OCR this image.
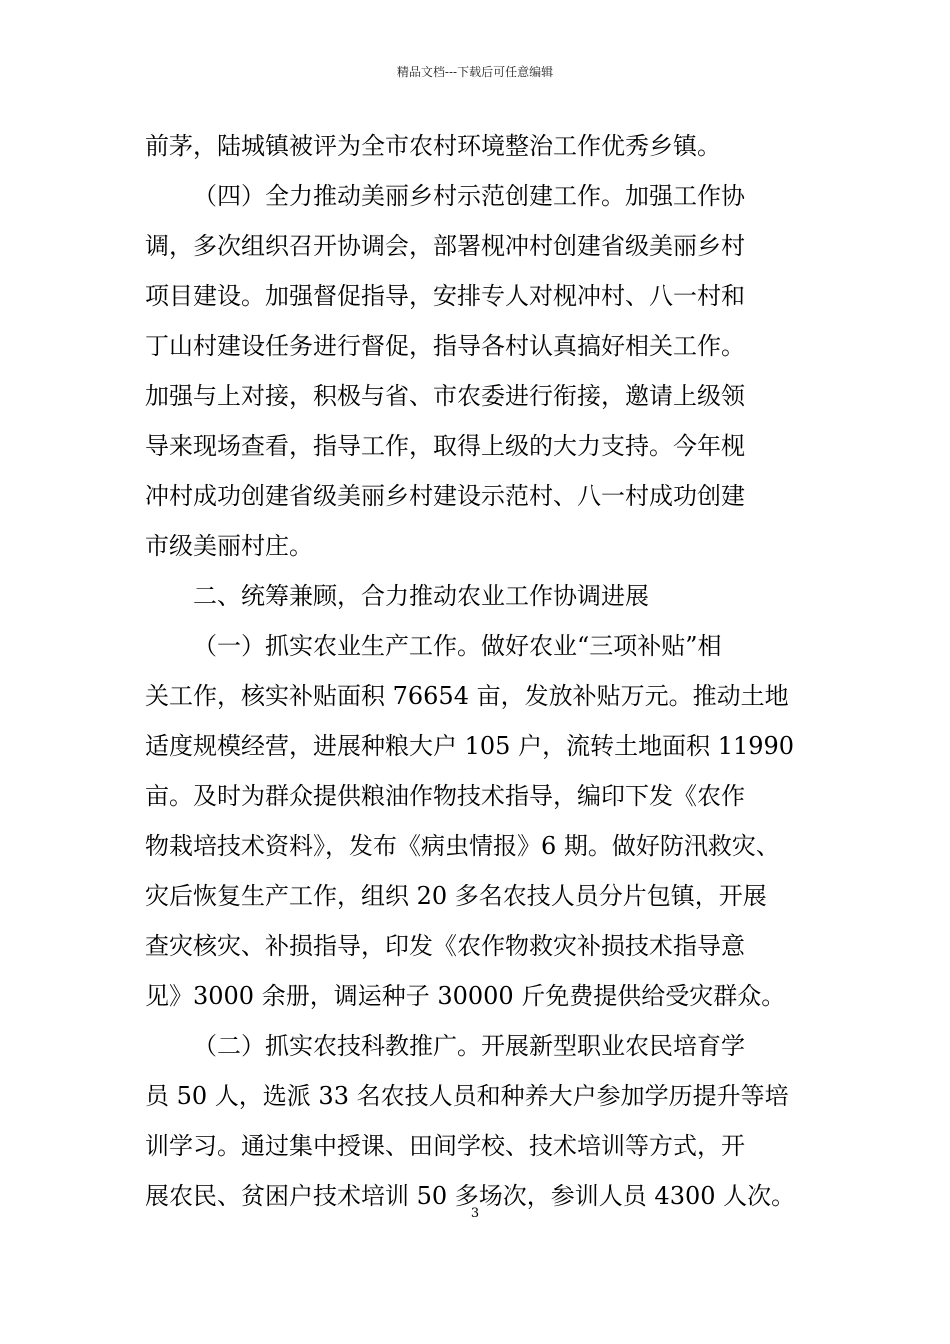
精品文档---下载后可任意编辑

前茅，陆城镇被评为全市农村环境整治工作优秀乡镇。

（四）全力推动美丽乡村示范创建工作。加强工作协

调，多次组织召开协调会，部署枧冲村创建省级美丽乡村

项目建设。加强督促指导，安排专人对枧冲村、八一村和

丁山村建设任务进行督促，指导各村认真搞好相关工作。

加强与上对接，积极与省、市农委进行衔接，邀请上级领

导来现场查看，指导工作，取得上级的大力支持。今年枧

冲村成功创建省级美丽乡村建设示范村、八一村成功创建

市级美丽村庄。

二、统筹兼顾，合力推动农业工作协调进展

（一）抓实农业生产工作。做好农业“三项补贴”相

关工作，核实补贴面积 76654 亩，发放补贴万元。推动土地

适度规模经营，进展种粮大户 105 户，流转土地面积 11990

亩。及时为群众提供粮油作物技术指导，编印下发《农作

物栽培技术资料》，发布《病虫情报》6 期。做好防汛救灾、

灾后恢复生产工作，组织 20 多名农技人员分片包镇，开展

查灾核灾、补损指导，印发《农作物救灾补损技术指导意

见》3000 余册，调运种子 30000 斤免费提供给受灾群众。

（二）抓实农技科教推广。开展新型职业农民培育学

员 50 人，选派 33 名农技人员和种养大户参加学历提升等培

训学习。通过集中授课、田间学校、技术培训等方式，开

展农民、贫困户技术培训 50 多场次，参训人员 4300 人次。

3
